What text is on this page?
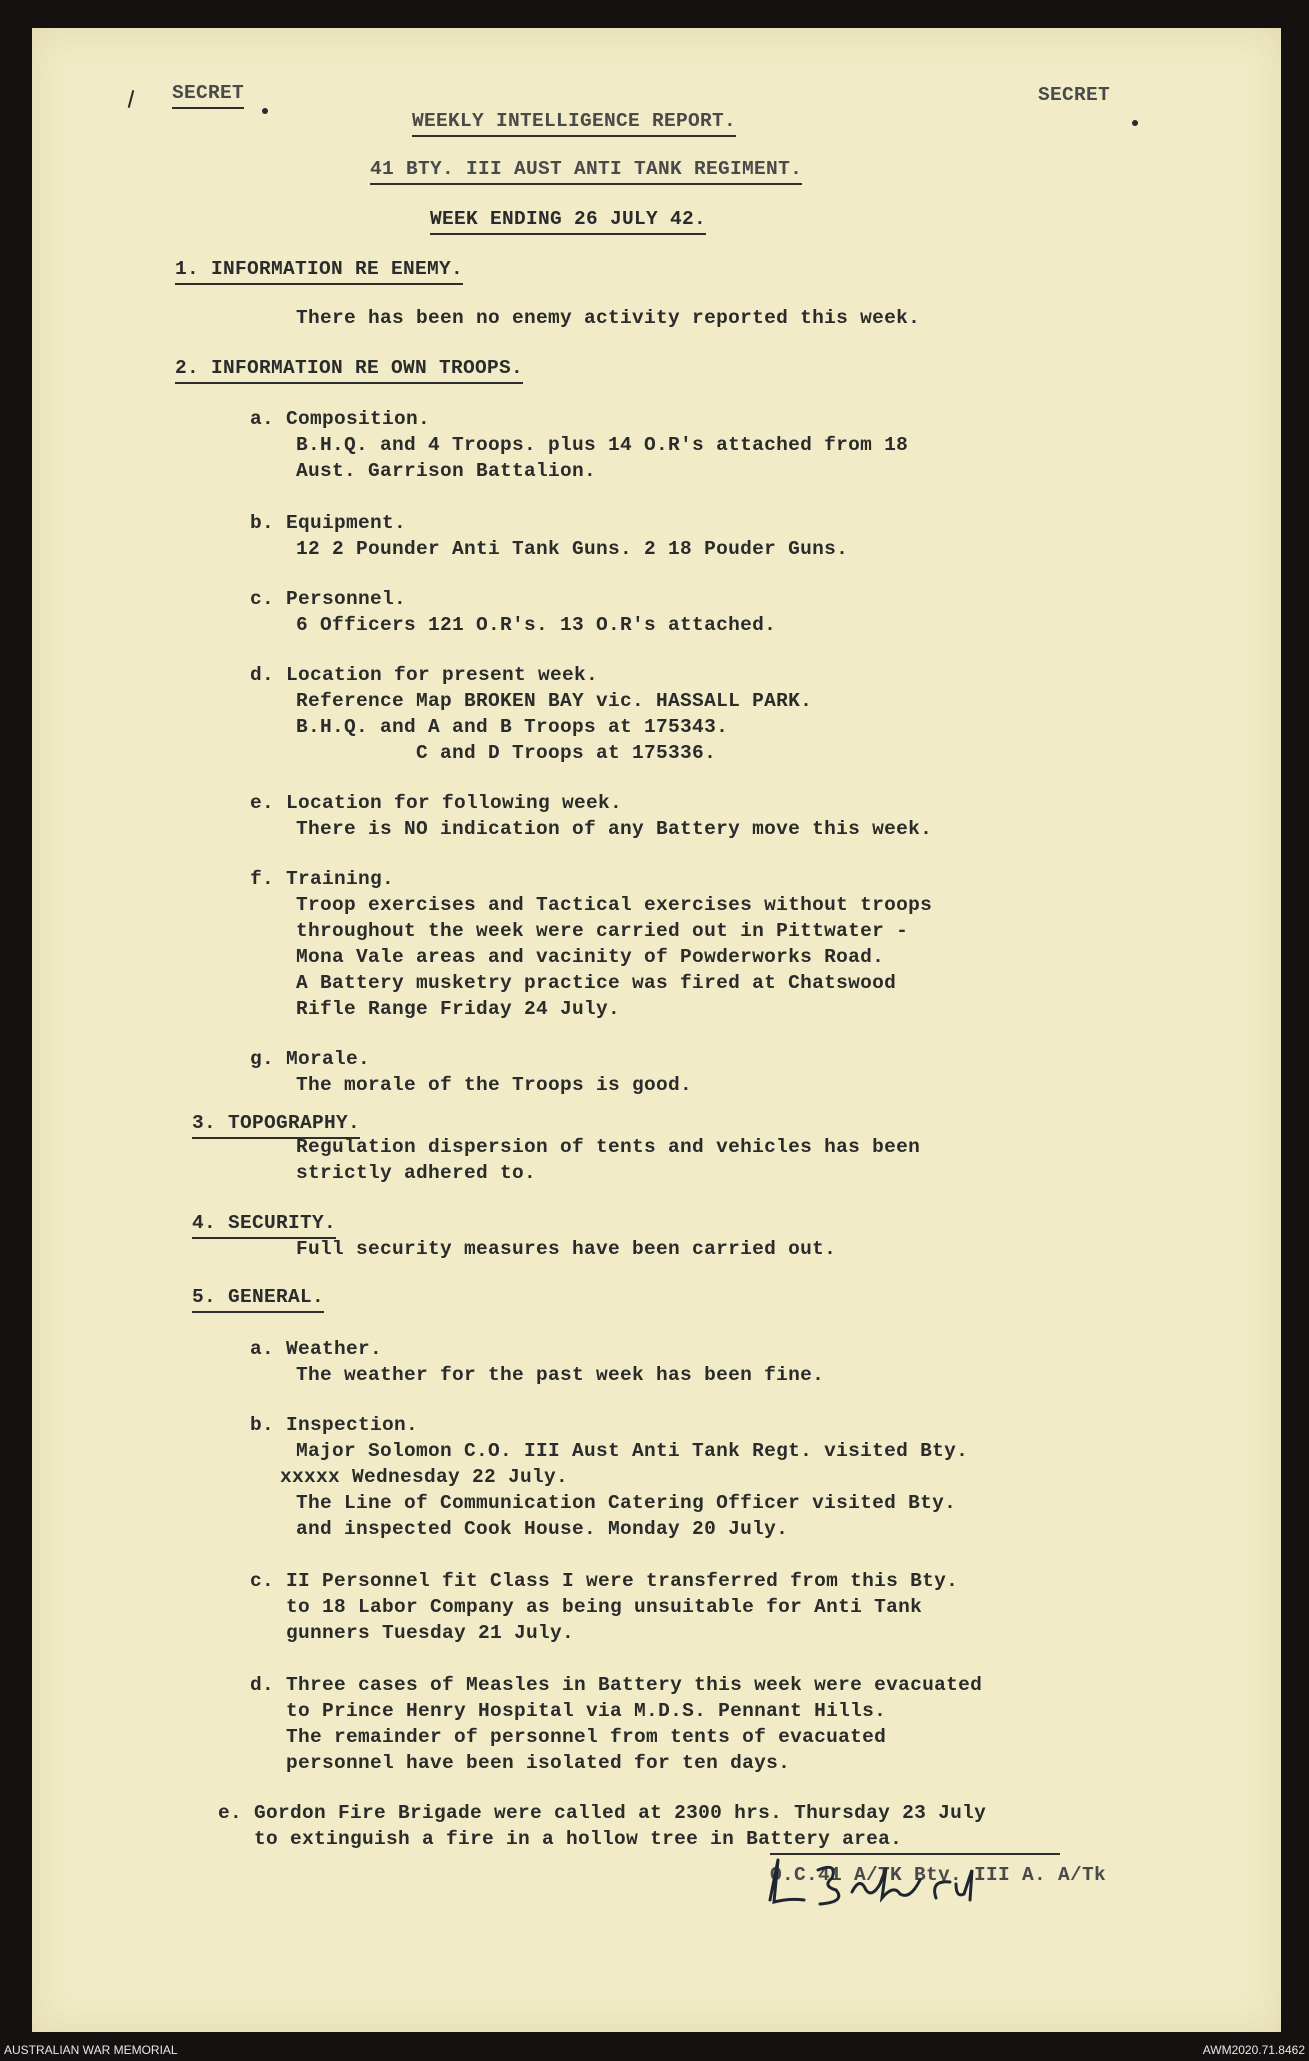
SECRET	SECRET
WEEKLY INTELLIGENCE REPORT.
41 BTY. III AUST ANTI TANK REGIMENT.
WEEK ENDING 26 JULY 42.
1. INFORMATION RE ENEMY.
There has been no enemy activity reported this week.
2. INFORMATION RE OWN TROOPS.
a. Composition.
B.H.Q. and 4 Troops. plus 14 O.R's attached from 18
Aust. Garrison Battalion.
b. Equipment.
12 2 Pounder Anti Tank Guns. 2 18 Pouder Guns.
c. Personnel.
6 Officers 121 O.R's. 13 O.R's attached.
d. Location for present week.
Reference Map BROKEN BAY vic. HASSALL PARK.
B.H.Q. and A and B Troops at 175343.
C and D Troops at 175336.
e. Location for following week.
There is NO indication of any Battery move this week.
f. Training.
Troop exercises and Tactical exercises without troops
throughout the week were carried out in Pittwater -
Mona Vale areas and vacinity of Powderworks Road.
A Battery musketry practice was fired at Chatswood
Rifle Range Friday 24 July.
g. Morale.
The morale of the Troops is good.
3. TOPOGRAPHY.
Regulation dispersion of tents and vehicles has been
strictly adhered to.
4. SECURITY.
Full security measures have been carried out.
5. GENERAL.
a. Weather.
The weather for the past week has been fine.
b. Inspection.
Major Solomon C.O. III Aust Anti Tank Regt. visited Bty.
xxxxx Wednesday 22 July.
The Line of Communication Catering Officer visited Bty.
and inspected Cook House. Monday 20 July.
c. II Personnel fit Class I were transferred from this Bty.
to 18 Labor Company as being unsuitable for Anti Tank
gunners Tuesday 21 July.
d. Three cases of Measles in Battery this week were evacuated
to Prince Henry Hospital via M.D.S. Pennant Hills.
The remainder of personnel from tents of evacuated
personnel have been isolated for ten days.
e. Gordon Fire Brigade were called at 2300 hrs. Thursday 23 July
to extinguish a fire in a hollow tree in Battery area.
O.C.41 A/TK Bty. III A. A/Tk
AUSTRALIAN WAR MEMORIAL	AWM2020.71.8462
